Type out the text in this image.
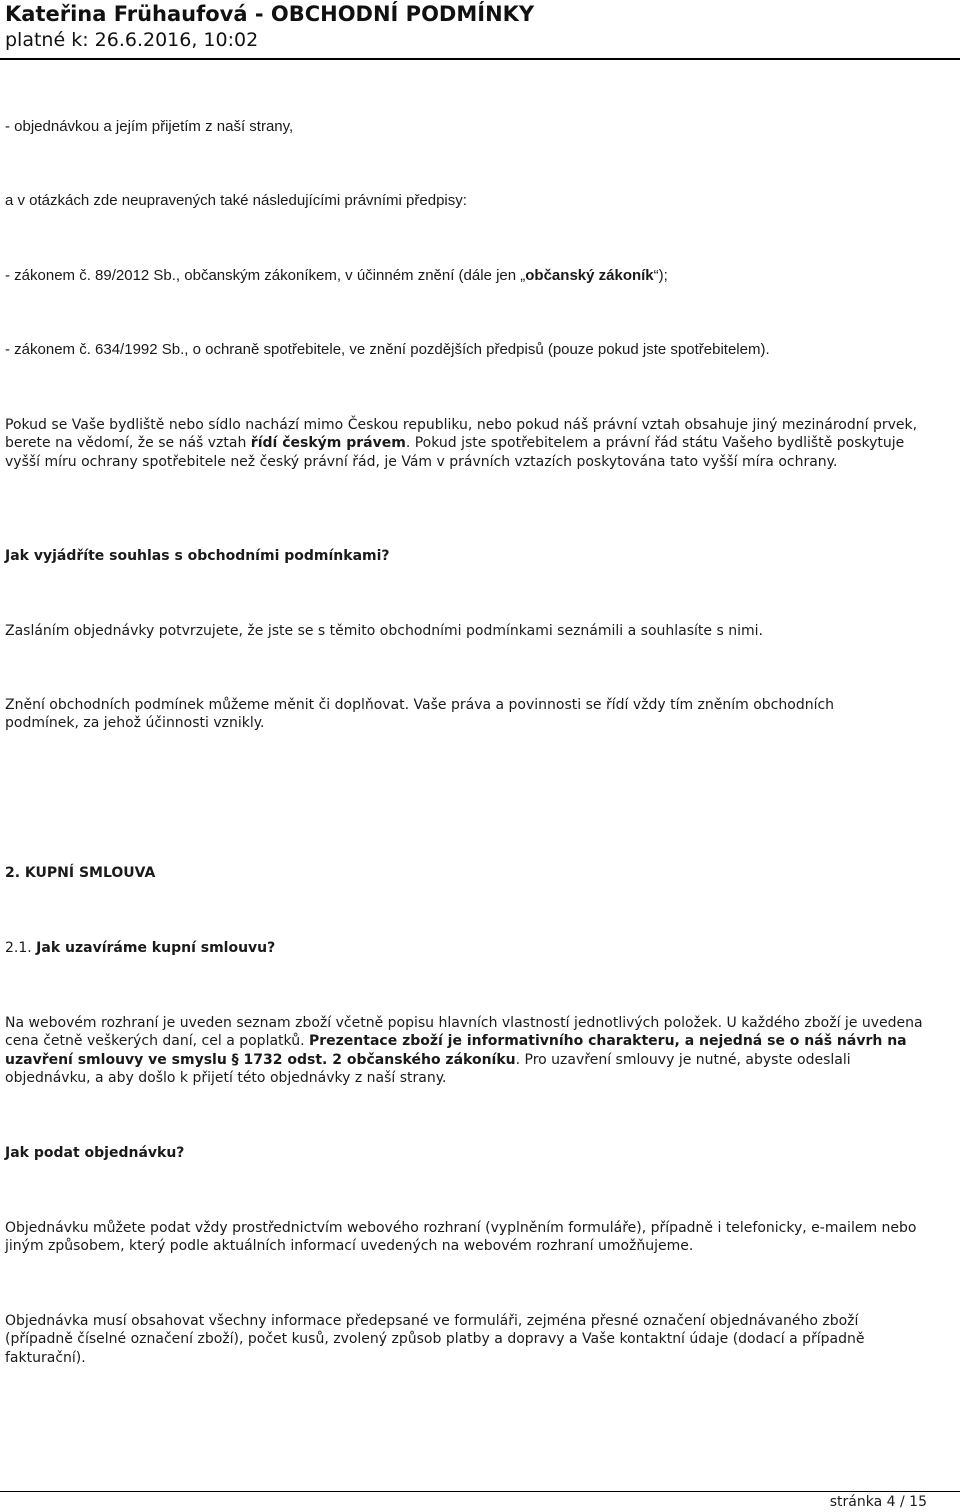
Kateřina Frühaufová - OBCHODNÍ PODMÍNKY
platné k: 26.6.2016, 10:02
- objednávkou a jejím přijetím z naší strany,
a v otázkách zde neupravených také následujícími právními předpisy:
- zákonem č. 89/2012 Sb., občanským zákoníkem, v účinném znění (dále jen „občanský zákoník“);
- zákonem č. 634/1992 Sb., o ochraně spotřebitele, ve znění pozdějších předpisů (pouze pokud jste spotřebitelem).
Pokud se Vaše bydliště nebo sídlo nachází mimo Českou republiku, nebo pokud náš právní vztah obsahuje jiný mezinárodní prvek, berete na vědomí, že se náš vztah řídí českým právem. Pokud jste spotřebitelem a právní řád státu Vašeho bydliště poskytuje vyšší míru ochrany spotřebitele než český právní řád, je Vám v právních vztazích poskytována tato vyšší míra ochrany.
Jak vyjádříte souhlas s obchodními podmínkami?
Zasláním objednávky potvrzujete, že jste se s těmito obchodními podmínkami seznámili a souhlasíte s nimi.
Znění obchodních podmínek můžeme měnit či doplňovat. Vaše práva a povinnosti se řídí vždy tím zněním obchodních podmínek, za jehož účinnosti vznikly.
2. KUPNÍ SMLOUVA
2.1. Jak uzavíráme kupní smlouvu?
Na webovém rozhraní je uveden seznam zboží včetně popisu hlavních vlastností jednotlivých položek. U každého zboží je uvedena cena četně veškerých daní, cel a poplatků. Prezentace zboží je informativního charakteru, a nejedná se o náš návrh na uzavření smlouvy ve smyslu § 1732 odst. 2 občanského zákoníku. Pro uzavření smlouvy je nutné, abyste odeslali objednávku, a aby došlo k přijetí této objednávky z naší strany.
Jak podat objednávku?
Objednávku můžete podat vždy prostřednictvím webového rozhraní (vyplněním formuláře), případně i telefonicky, e-mailem nebo jiným způsobem, který podle aktuálních informací uvedených na webovém rozhraní umožňujeme.
Objednávka musí obsahovat všechny informace předepsané ve formuláři, zejména přesné označení objednávaného zboží (případně číselné označení zboží), počet kusů, zvolený způsob platby a dopravy a Vaše kontaktní údaje (dodací a případně fakturační).
stránka 4 / 15
